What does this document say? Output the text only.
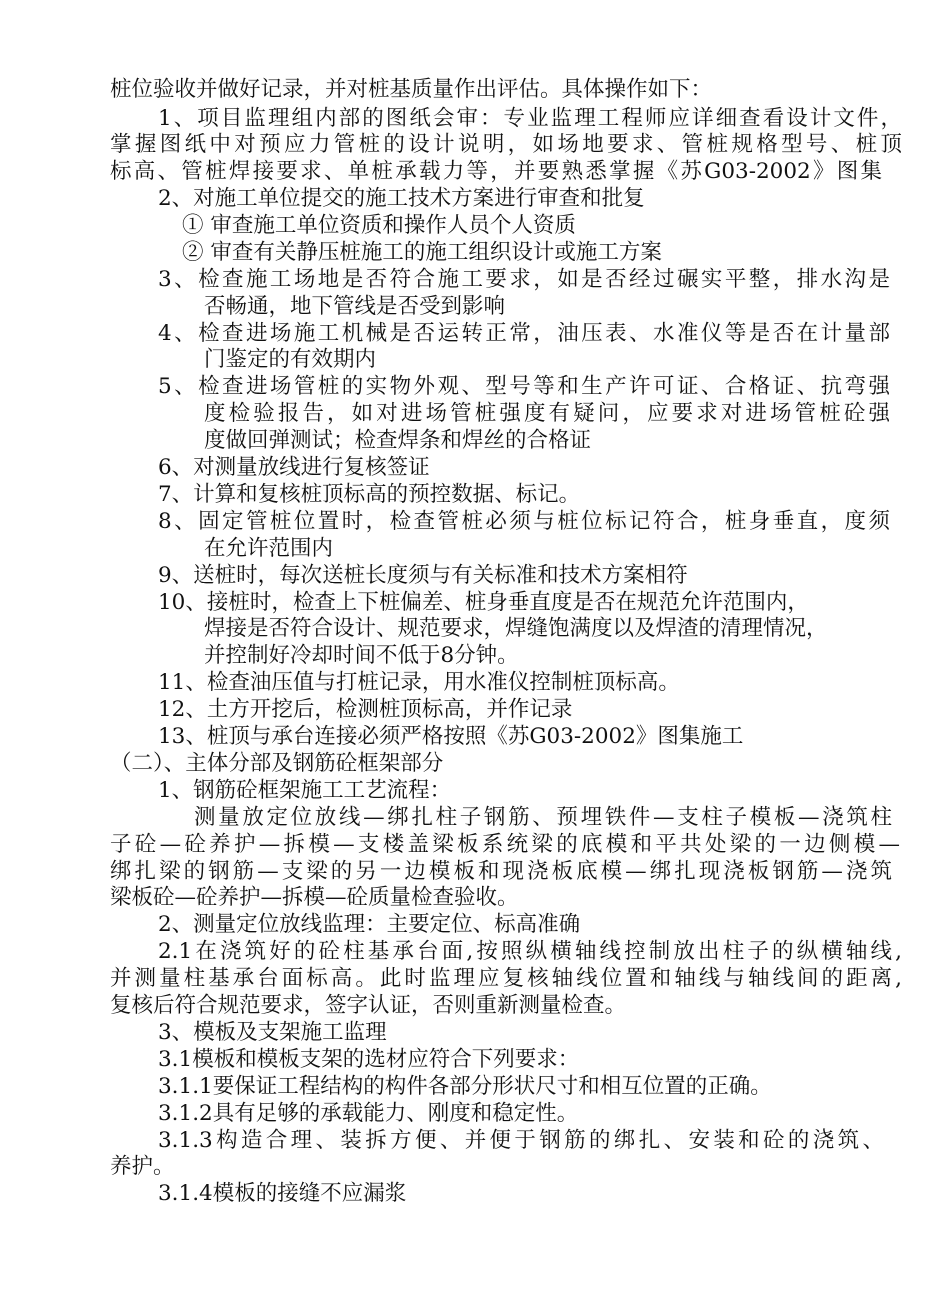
桩位验收并做好记录，并对桩基质量作出评估。具体操作如下：
1、项目监理组内部的图纸会审：专业监理工程师应详细查看设计文件，
掌握图纸中对预应力管桩的设计说明，如场地要求、管桩规格型号、桩顶
标高、管桩焊接要求、单桩承载力等，并要熟悉掌握《苏G03-2002》图集
2、对施工单位提交的施工技术方案进行审查和批复
① 审查施工单位资质和操作人员个人资质
② 审查有关静压桩施工的施工组织设计或施工方案
3、检查施工场地是否符合施工要求，如是否经过碾实平整，排水沟是
否畅通，地下管线是否受到影响
4、检查进场施工机械是否运转正常，油压表、水准仪等是否在计量部
门鉴定的有效期内
5、检查进场管桩的实物外观、型号等和生产许可证、合格证、抗弯强
度检验报告，如对进场管桩强度有疑问，应要求对进场管桩砼强
度做回弹测试；检查焊条和焊丝的合格证
6、对测量放线进行复核签证
7、计算和复核桩顶标高的预控数据、标记。
8、固定管桩位置时，检查管桩必须与桩位标记符合，桩身垂直，度须
在允许范围内
9、送桩时，每次送桩长度须与有关标准和技术方案相符
10、接桩时，检查上下桩偏差、桩身垂直度是否在规范允许范围内，
焊接是否符合设计、规范要求，焊缝饱满度以及焊渣的清理情况，
并控制好冷却时间不低于8分钟。
11、检查油压值与打桩记录，用水准仪控制桩顶标高。
12、土方开挖后，检测桩顶标高，并作记录
13、桩顶与承台连接必须严格按照《苏G03-2002》图集施工
（二）、主体分部及钢筋砼框架部分
1、钢筋砼框架施工工艺流程：
测量放定位放线—绑扎柱子钢筋、预埋铁件—支柱子模板—浇筑柱
子砼—砼养护—拆模—支楼盖梁板系统梁的底模和平共处梁的一边侧模—
绑扎梁的钢筋—支梁的另一边模板和现浇板底模—绑扎现浇板钢筋—浇筑
梁板砼—砼养护—拆模—砼质量检查验收。
2、测量定位放线监理：主要定位、标高准确
2.1在浇筑好的砼柱基承台面,按照纵横轴线控制放出柱子的纵横轴线,
并测量柱基承台面标高。此时监理应复核轴线位置和轴线与轴线间的距离,
复核后符合规范要求，签字认证，否则重新测量检查。
3、模板及支架施工监理
3.1模板和模板支架的选材应符合下列要求：
3.1.1要保证工程结构的构件各部分形状尺寸和相互位置的正确。
3.1.2具有足够的承载能力、刚度和稳定性。
3.1.3构造合理、装拆方便、并便于钢筋的绑扎、安装和砼的浇筑、
养护。
3.1.4模板的接缝不应漏浆
